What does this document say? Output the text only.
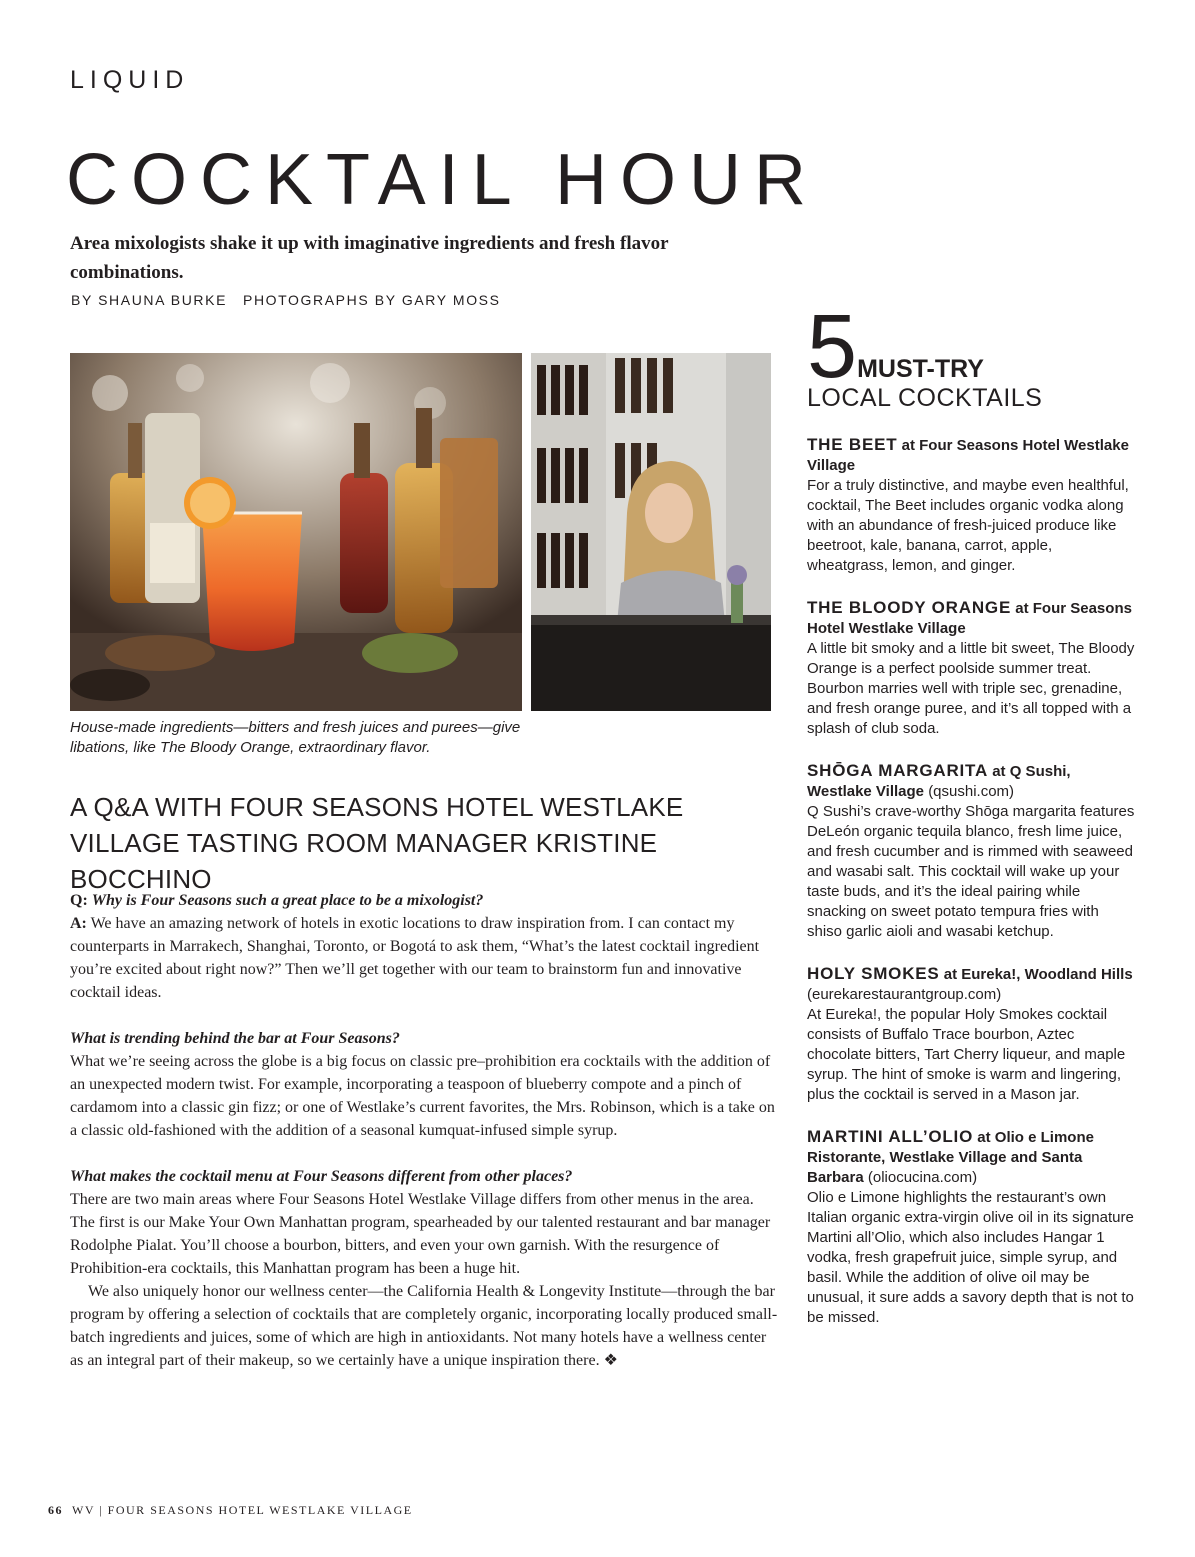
LIQUID
COCKTAIL HOUR
Area mixologists shake it up with imaginative ingredients and fresh flavor combinations.
BY SHAUNA BURKE PHOTOGRAPHS BY GARY MOSS
House-made ingredients—bitters and fresh juices and purees—give libations, like The Bloody Orange, extraordinary flavor.
A Q&A WITH FOUR SEASONS HOTEL WESTLAKE VILLAGE TASTING ROOM MANAGER KRISTINE BOCCHINO

Q: Why is Four Seasons such a great place to be a mixologist?

A: We have an amazing network of hotels in exotic locations to draw inspiration from. I can contact my counterparts in Marrakech, Shanghai, Toronto, or Bogotá to ask them, “What’s the latest cocktail ingredient you’re excited about right now?” Then we’ll get together with our team to brainstorm fun and innovative cocktail ideas.

What is trending behind the bar at Four Seasons?

What we’re seeing across the globe is a big focus on classic pre–prohibition era cocktails with the addition of an unexpected modern twist. For example, incorporating a teaspoon of blueberry compote and a pinch of cardamom into a classic gin fizz; or one of Westlake’s current favorites, the Mrs. Robinson, which is a take on a classic old-fashioned with the addition of a seasonal kumquat-infused simple syrup.

What makes the cocktail menu at Four Seasons different from other places?

There are two main areas where Four Seasons Hotel Westlake Village differs from other menus in the area. The first is our Make Your Own Manhattan program, spearheaded by our talented restaurant and bar manager Rodolphe Pialat. You’ll choose a bourbon, bitters, and even your own garnish. With the resurgence of Prohibition-era cocktails, this Manhattan program has been a huge hit.

We also uniquely honor our wellness center—the California Health & Longevity Institute—through the bar program by offering a selection of cocktails that are completely organic, incorporating locally produced small-batch ingredients and juices, some of which are high in antioxidants. Not many hotels have a wellness center as an integral part of their makeup, so we certainly have a unique inspiration there. ❖

5MUST-TRY
LOCAL COCKTAILS
THE BEET at Four Seasons Hotel Westlake Village
For a truly distinctive, and maybe even healthful, cocktail, The Beet includes organic vodka along with an abundance of fresh-juiced produce like beetroot, kale, banana, carrot, apple, wheatgrass, lemon, and ginger.
THE BLOODY ORANGE at Four Seasons Hotel Westlake Village
A little bit smoky and a little bit sweet, The Bloody Orange is a perfect poolside summer treat. Bourbon marries well with triple sec, grenadine, and fresh orange puree, and it’s all topped with a splash of club soda.
SHŌGA MARGARITA at Q Sushi, Westlake Village (qsushi.com)
Q Sushi’s crave-worthy Shōga margarita features DeLeón organic tequila blanco, fresh lime juice, and fresh cucumber and is rimmed with seaweed and wasabi salt. This cocktail will wake up your taste buds, and it’s the ideal pairing while snacking on sweet potato tempura fries with shiso garlic aioli and wasabi ketchup.
HOLY SMOKES at Eureka!, Woodland Hills (eurekarestaurantgroup.com)
At Eureka!, the popular Holy Smokes cocktail consists of Buffalo Trace bourbon, Aztec chocolate bitters, Tart Cherry liqueur, and maple syrup. The hint of smoke is warm and lingering, plus the cocktail is served in a Mason jar.
MARTINI ALL’OLIO at Olio e Limone Ristorante, Westlake Village and Santa Barbara (oliocucina.com)
Olio e Limone highlights the restaurant’s own Italian organic extra-virgin olive oil in its signature Martini all’Olio, which also includes Hangar 1 vodka, fresh grapefruit juice, simple syrup, and basil. While the addition of olive oil may be unusual, it sure adds a savory depth that is not to be missed.
66 WV | FOUR SEASONS HOTEL WESTLAKE VILLAGE
